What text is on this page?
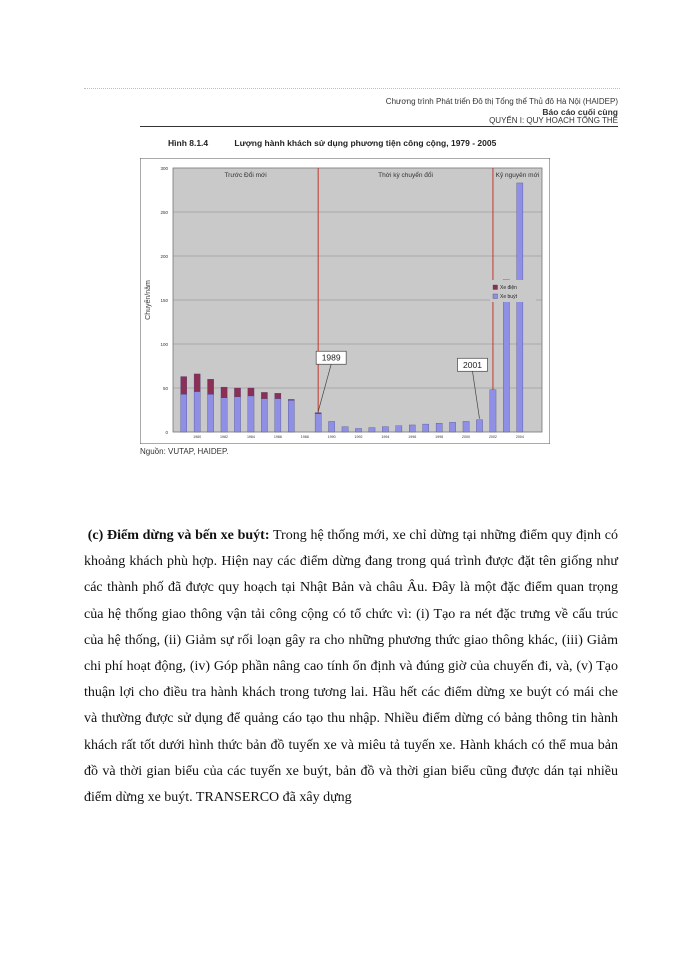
Chương trình Phát triển Đô thị Tổng thể Thủ đô Hà Nội (HAIDEP)
Báo cáo cuối cùng
QUYỂN I: QUY HOẠCH TỔNG THỂ
Hình 8.1.4	Lượng hành khách sử dụng phương tiện công cộng, 1979 - 2005
0
50
100
150
200
250
300
Chuyến/năm
Trước Đổi mới	Thời kỳ chuyển đổi	Kỷ nguyên mới
1980	1982	1984	1986	1988	1990	1992	1994	1996	1998	2000	2002	2004
1989
2001
Xe điện
Xe buýt
Nguồn: VUTAP, HAIDEP.

(c) Điểm dừng và bến xe buýt: Trong hệ thống mới, xe chỉ dừng tại những điểm quy định có khoảng khách phù hợp. Hiện nay các điểm dừng đang trong quá trình được đặt tên giống như các thành phố đã được quy hoạch tại Nhật Bản và châu Âu. Đây là một đặc điểm quan trọng của hệ thống giao thông vận tải công cộng có tổ chức vì: (i) Tạo ra nét đặc trưng về cấu trúc của hệ thống, (ii) Giảm sự rối loạn gây ra cho những phương thức giao thông khác, (iii) Giảm chi phí hoạt động, (iv) Góp phần nâng cao tính ổn định và đúng giờ của chuyến đi, và, (v) Tạo thuận lợi cho điều tra hành khách trong tương lai. Hầu hết các điểm dừng xe buýt có mái che và thường được sử dụng để quảng cáo tạo thu nhập. Nhiều điểm dừng có bảng thông tin hành khách rất tốt dưới hình thức bản đồ tuyến xe và miêu tả tuyến xe. Hành khách có thể mua bản đồ và thời gian biểu của các tuyến xe buýt, bản đồ và thời gian biểu cũng được dán tại nhiều điểm dừng xe buýt. TRANSERCO đã xây dựng
